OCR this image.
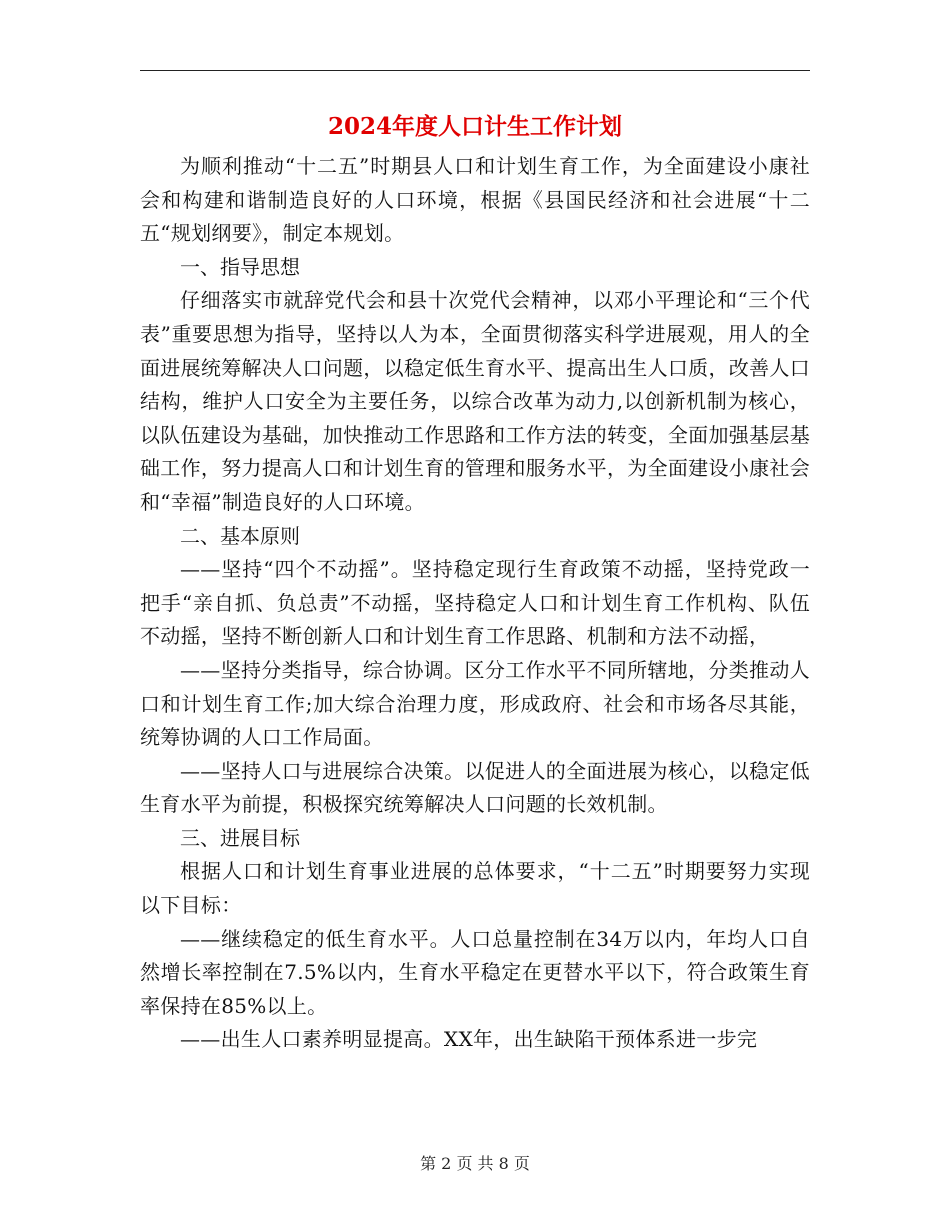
2024年度人口计生工作计划

为顺利推动“十二五”时期县人口和计划生育工作，为全面建设小康社会和构建和谐制造良好的人口环境，根据《县国民经济和社会进展“十二五“规划纲要》，制定本规划。

一、指导思想

仔细落实市就辞党代会和县十次党代会精神，以邓小平理论和“三个代表”重要思想为指导，坚持以人为本，全面贯彻落实科学进展观，用人的全面进展统筹解决人口问题，以稳定低生育水平、提高出生人口质，改善人口结构，维护人口安全为主要任务，以综合改革为动力,以创新机制为核心，以队伍建设为基础，加快推动工作思路和工作方法的转变，全面加强基层基础工作，努力提高人口和计划生育的管理和服务水平，为全面建设小康社会和“幸福”制造良好的人口环境。

二、基本原则

——坚持“四个不动摇”。坚持稳定现行生育政策不动摇，坚持党政一把手“亲自抓、负总责”不动摇，坚持稳定人口和计划生育工作机构、队伍不动摇，坚持不断创新人口和计划生育工作思路、机制和方法不动摇，

——坚持分类指导，综合协调。区分工作水平不同所辖地，分类推动人口和计划生育工作;加大综合治理力度，形成政府、社会和市场各尽其能，统筹协调的人口工作局面。

——坚持人口与进展综合决策。以促进人的全面进展为核心，以稳定低生育水平为前提，积极探究统筹解决人口问题的长效机制。

三、进展目标

根据人口和计划生育事业进展的总体要求，“十二五”时期要努力实现以下目标：

——继续稳定的低生育水平。人口总量控制在34万以内，年均人口自然增长率控制在7.5%以内，生育水平稳定在更替水平以下，符合政策生育率保持在85%以上。

——出生人口素养明显提高。XX年，出生缺陷干预体系进一步完

第 2 页 共 8 页
